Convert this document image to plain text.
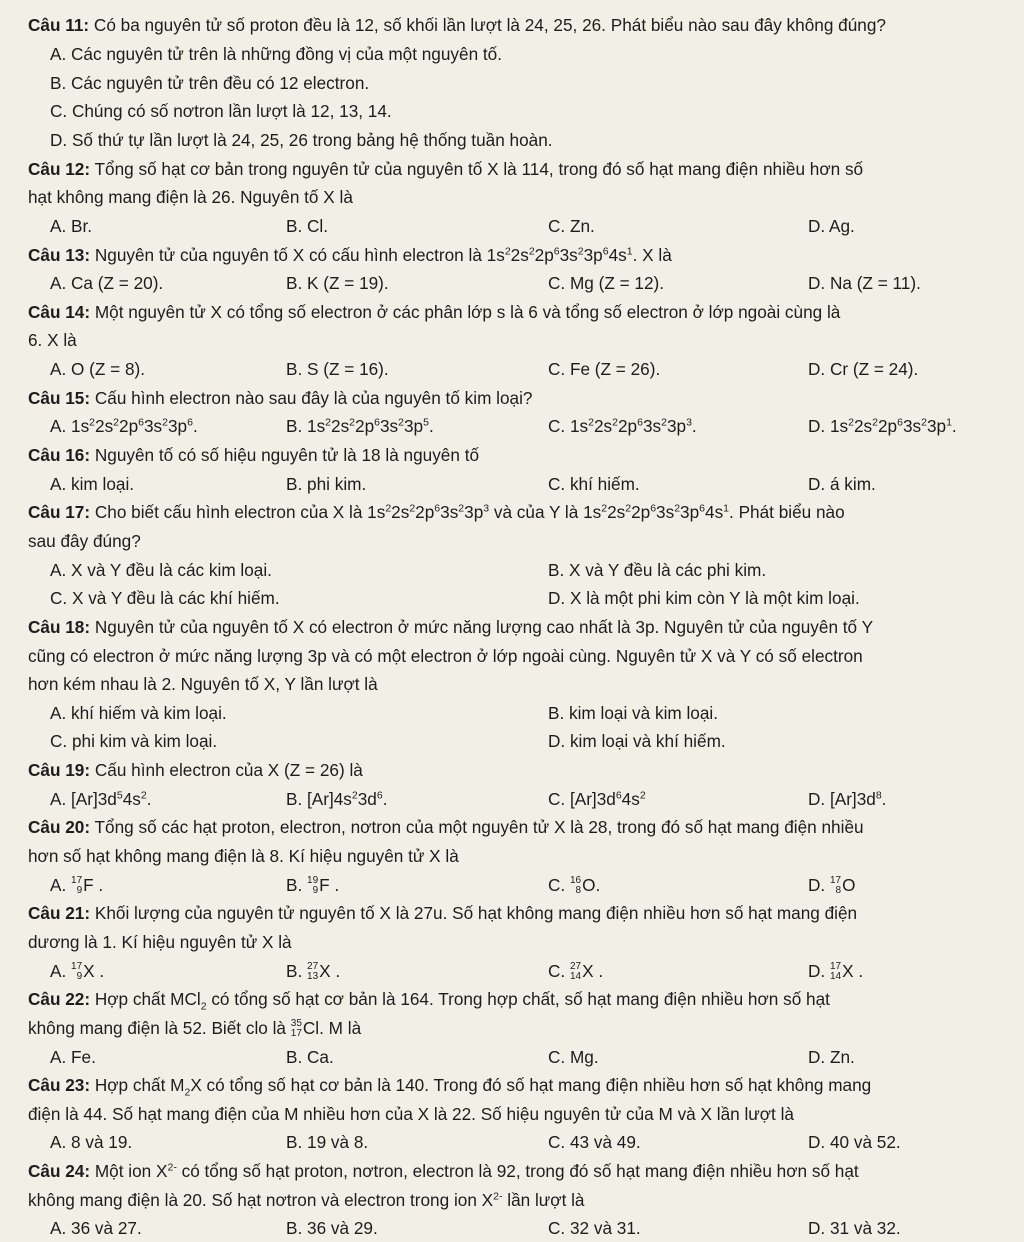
Câu 11: Có ba nguyên tử số proton đều là 12, số khối lần lượt là 24, 25, 26. Phát biểu nào sau đây không đúng?
A. Các nguyên tử trên là những đồng vị của một nguyên tố.
B. Các nguyên tử trên đều có 12 electron.
C. Chúng có số nơtron lần lượt là 12, 13, 14.
D. Số thứ tự lần lượt là 24, 25, 26 trong bảng hệ thống tuần hoàn.
Câu 12: Tổng số hạt cơ bản trong nguyên tử của nguyên tố X là 114, trong đó số hạt mang điện nhiều hơn số
hạt không mang điện là 26. Nguyên tố X là
A. Br.	B. Cl.	C. Zn.	D. Ag.
Câu 13: Nguyên tử của nguyên tố X có cấu hình electron là $1s^22s^22p^63s^23p^64s^1$. X là
A. Ca (Z = 20).	B. K (Z = 19).	C. Mg (Z = 12).	D. Na (Z = 11).
Câu 14: Một nguyên tử X có tổng số electron ở các phân lớp s là 6 và tổng số electron ở lớp ngoài cùng là
6. X là
A. O (Z = 8).	B. S (Z = 16).	C. Fe (Z = 26).	D. Cr (Z = 24).
Câu 15: Cấu hình electron nào sau đây là của nguyên tố kim loại?
A. $1s^22s^22p^63s^23p^6$.	B. $1s^22s^22p^63s^23p^5$.	C. $1s^22s^22p^63s^23p^3$.	D. $1s^22s^22p^63s^23p^1$.
Câu 16: Nguyên tố có số hiệu nguyên tử là 18 là nguyên tố
A. kim loại.	B. phi kim.	C. khí hiếm.	D. á kim.
Câu 17: Cho biết cấu hình electron của X là $1s^22s^22p^63s^23p^3$ và của Y là $1s^22s^22p^63s^23p^64s^1$. Phát biểu nào
sau đây đúng?
A. X và Y đều là các kim loại.	B. X và Y đều là các phi kim.
C. X và Y đều là các khí hiếm.	D. X là một phi kim còn Y là một kim loại.
Câu 18: Nguyên tử của nguyên tố X có electron ở mức năng lượng cao nhất là 3p. Nguyên tử của nguyên tố Y
cũng có electron ở mức năng lượng 3p và có một electron ở lớp ngoài cùng. Nguyên tử X và Y có số electron
hơn kém nhau là 2. Nguyên tố X, Y lần lượt là
A. khí hiếm và kim loại.	B. kim loại và kim loại.
C. phi kim và kim loại.	D. kim loại và khí hiếm.
Câu 19: Cấu hình electron của X (Z = 26) là
A. $[Ar]3d^54s^2$.	B. $[Ar]4s^23d^6$.	C. $[Ar]3d^64s^2$	D. $[Ar]3d^8$.
Câu 20: Tổng số các hạt proton, electron, nơtron của một nguyên tử X là 28, trong đó số hạt mang điện nhiều
hơn số hạt không mang điện là 8. Kí hiệu nguyên tử X là
A. 17
9 F .	B. 19
9 F .	C. 16
8 O.	D. 17
8 O
Câu 21: Khối lượng của nguyên tử nguyên tố X là 27u. Số hạt không mang điện nhiều hơn số hạt mang điện
dương là 1. Kí hiệu nguyên tử X là
A. 17
9 X .	B. 27
13 X .	C. 27
14 X .	D. 17
14 X .
Câu 22: Hợp chất MCl$_2$ có tổng số hạt cơ bản là 164. Trong hợp chất, số hạt mang điện nhiều hơn số hạt
không mang điện là 52. Biết clo là 35
17 Cl. M là
A. Fe.	B. Ca.	C. Mg.	D. Zn.
Câu 23: Hợp chất $M_2X$ có tổng số hạt cơ bản là 140. Trong đó số hạt mang điện nhiều hơn số hạt không mang
điện là 44. Số hạt mang điện của M nhiều hơn của X là 22. Số hiệu nguyên tử của M và X lần lượt là
A. 8 và 19.	B. 19 và 8.	C. 43 và 49.	D. 40 và 52.
Câu 24: Một ion $X^{2-}$ có tổng số hạt proton, nơtron, electron là 92, trong đó số hạt mang điện nhiều hơn số hạt
không mang điện là 20. Số hạt nơtron và electron trong ion $X^{2-}$ lần lượt là
A. 36 và 27.	B. 36 và 29.	C. 32 và 31.	D. 31 và 32.
